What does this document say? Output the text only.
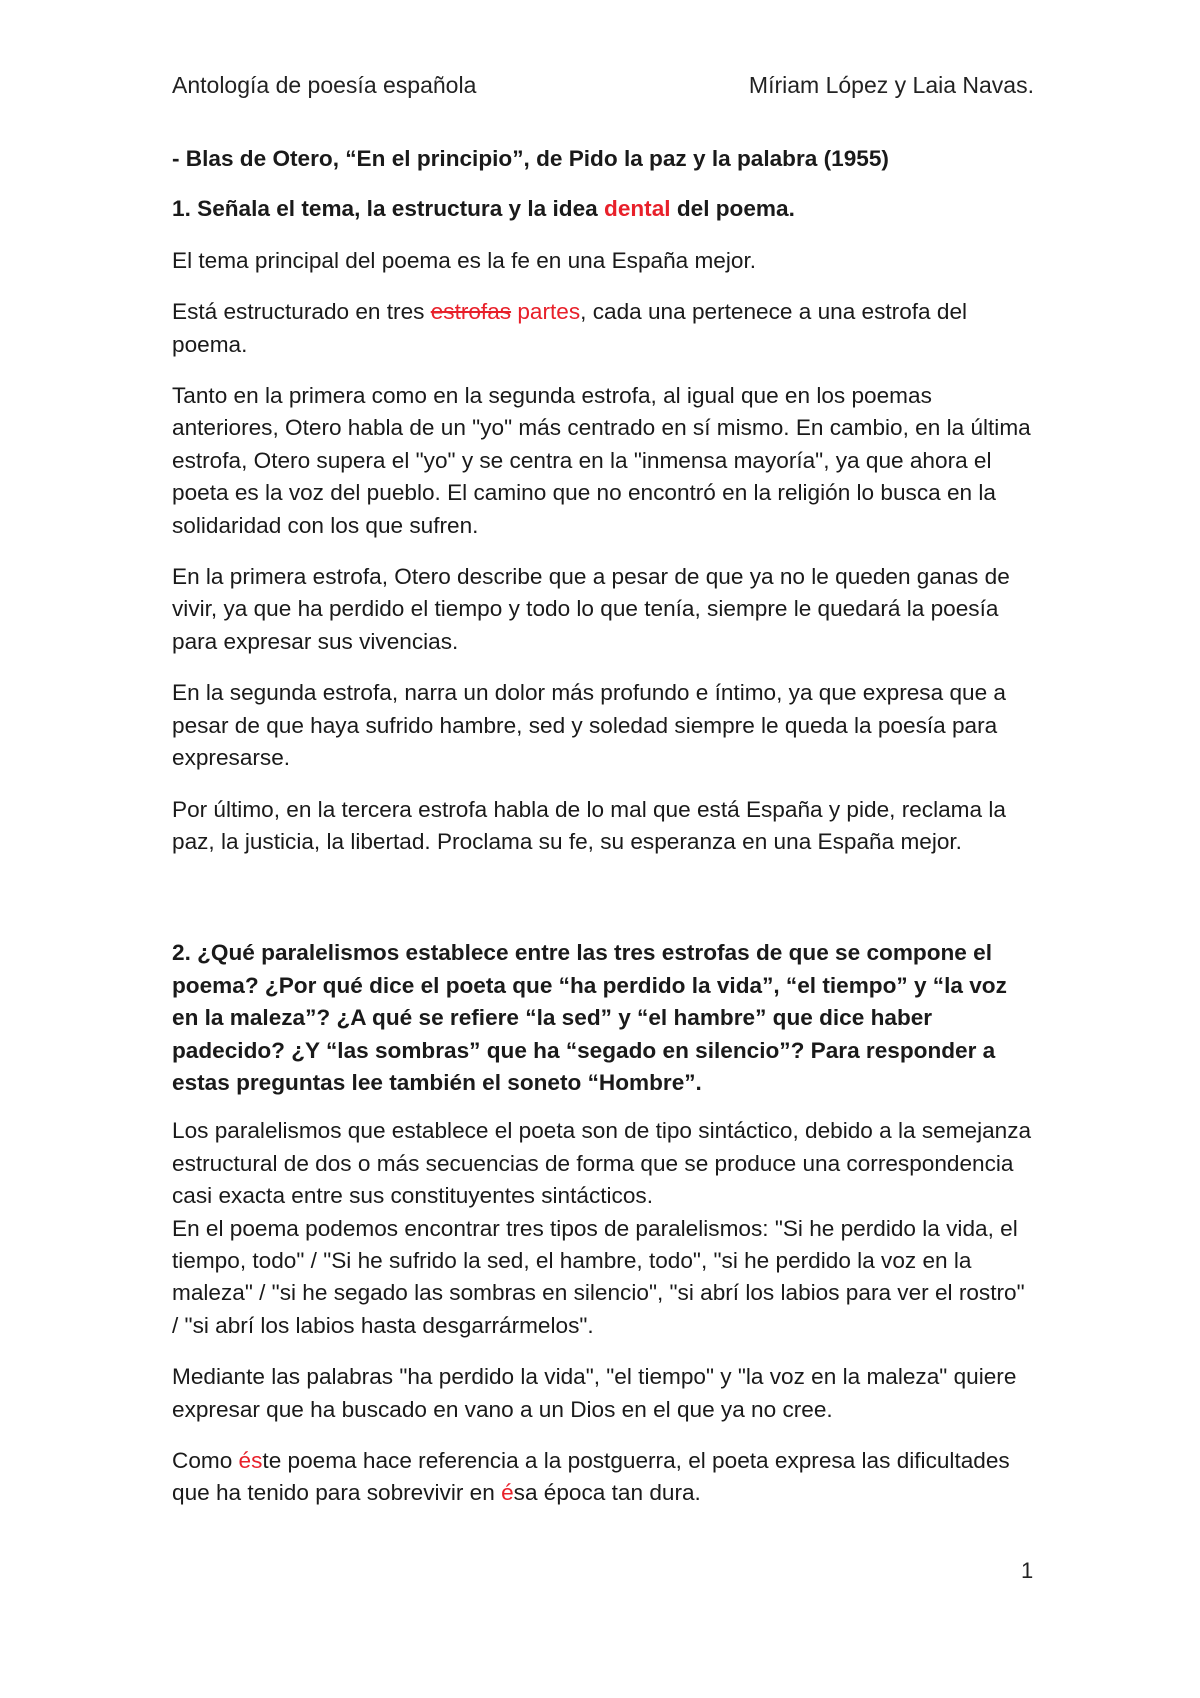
Antología de poesía española	Míriam López y Laia Navas.

- Blas de Otero, “En el principio”, de Pido la paz y la palabra (1955)

1. Señala el tema, la estructura y la idea dental del poema.

El tema principal del poema es la fe en una España mejor.

Está estructurado en tres estrofas partes, cada una pertenece a una estrofa del poema.

Tanto en la primera como en la segunda estrofa, al igual que en los poemas anteriores, Otero habla de un "yo" más centrado en sí mismo. En cambio, en la última estrofa, Otero supera el "yo" y se centra en la "inmensa mayoría", ya que ahora el poeta es la voz del pueblo. El camino que no encontró en la religión lo busca en la solidaridad con los que sufren.

En la primera estrofa, Otero describe que a pesar de que ya no le queden ganas de vivir, ya que ha perdido el tiempo y todo lo que tenía, siempre le quedará la poesía para expresar sus vivencias.

En la segunda estrofa, narra un dolor más profundo e íntimo, ya que expresa que a pesar de que haya sufrido hambre, sed y soledad siempre le queda la poesía para expresarse.

Por último, en la tercera estrofa habla de lo mal que está España y pide, reclama la paz, la justicia, la libertad. Proclama su fe, su esperanza en una España mejor.

2. ¿Qué paralelismos establece entre las tres estrofas de que se compone el poema? ¿Por qué dice el poeta que “ha perdido la vida”, “el tiempo” y “la voz en la maleza”? ¿A qué se refiere “la sed” y “el hambre” que dice haber padecido? ¿Y “las sombras” que ha “segado en silencio”? Para responder a estas preguntas lee también el soneto “Hombre”.

Los paralelismos que establece el poeta son de tipo sintáctico, debido a la semejanza estructural de dos o más secuencias de forma que se produce una correspondencia casi exacta entre sus constituyentes sintácticos.

En el poema podemos encontrar tres tipos de paralelismos: "Si he perdido la vida, el tiempo, todo" / "Si he sufrido la sed, el hambre, todo", "si he perdido la voz en la maleza" / "si he segado las sombras en silencio", "si abrí los labios para ver el rostro" / "si abrí los labios hasta desgarrármelos".

Mediante las palabras "ha perdido la vida", "el tiempo" y "la voz en la maleza" quiere expresar que ha buscado en vano a un Dios en el que ya no cree.

Como éste poema hace referencia a la postguerra, el poeta expresa las dificultades que ha tenido para sobrevivir en ésa época tan dura.

1
